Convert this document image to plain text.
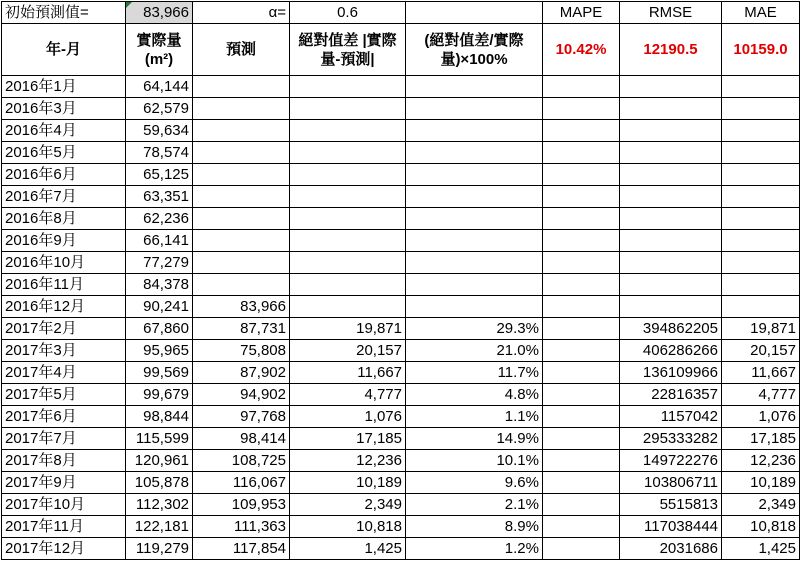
初始預測值=	83,966	α=	0.6		MAPE	RMSE	MAE
年-月	實際量 (m²)	預測	絕對值差 |實際量-預測|	(絕對值差/實際量)×100%	10.42%	12190.5	10159.0
2016年1月	64,144						
2016年3月	62,579						
2016年4月	59,634						
2016年5月	78,574						
2016年6月	65,125						
2016年7月	63,351						
2016年8月	62,236						
2016年9月	66,141						
2016年10月	77,279						
2016年11月	84,378						
2016年12月	90,241	83,966					
2017年2月	67,860	87,731	19,871	29.3%		394862205	19,871
2017年3月	95,965	75,808	20,157	21.0%		406286266	20,157
2017年4月	99,569	87,902	11,667	11.7%		136109966	11,667
2017年5月	99,679	94,902	4,777	4.8%		22816357	4,777
2017年6月	98,844	97,768	1,076	1.1%		1157042	1,076
2017年7月	115,599	98,414	17,185	14.9%		295333282	17,185
2017年8月	120,961	108,725	12,236	10.1%		149722276	12,236
2017年9月	105,878	116,067	10,189	9.6%		103806711	10,189
2017年10月	112,302	109,953	2,349	2.1%		5515813	2,349
2017年11月	122,181	111,363	10,818	8.9%		117038444	10,818
2017年12月	119,279	117,854	1,425	1.2%		2031686	1,425
